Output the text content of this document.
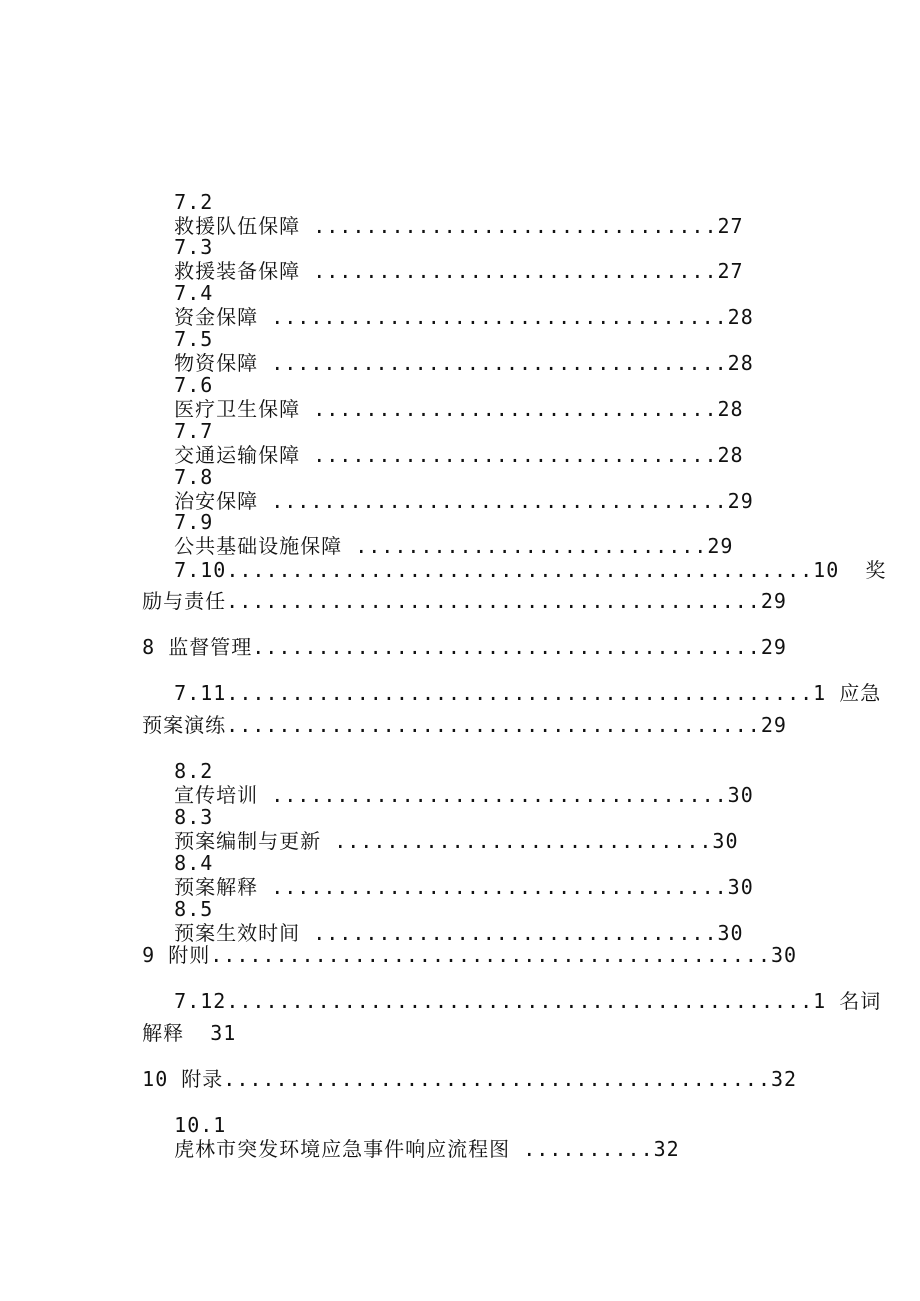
7.2
救援队伍保障 ...............................27

7.3
救援装备保障 ...............................27

7.4
资金保障 ...................................28

7.5
物资保障 ...................................28

7.6
医疗卫生保障 ...............................28

7.7
交通运输保障 ...............................28

7.8
治安保障 ...................................29

7.9
公共基础设施保障 ...........................29

7.10.............................................10  奖

励与责任.........................................29

8 监督管理.......................................29

7.11.............................................1 应急

预案演练.........................................29

8.2
宣传培训 ...................................30

8.3
预案编制与更新 .............................30

8.4
预案解释 ...................................30

8.5
预案生效时间 ...............................30

9 附则...........................................30

7.12.............................................1 名词

解释  31

10 附录..........................................32

10.1
虎林市突发环境应急事件响应流程图 ..........32
